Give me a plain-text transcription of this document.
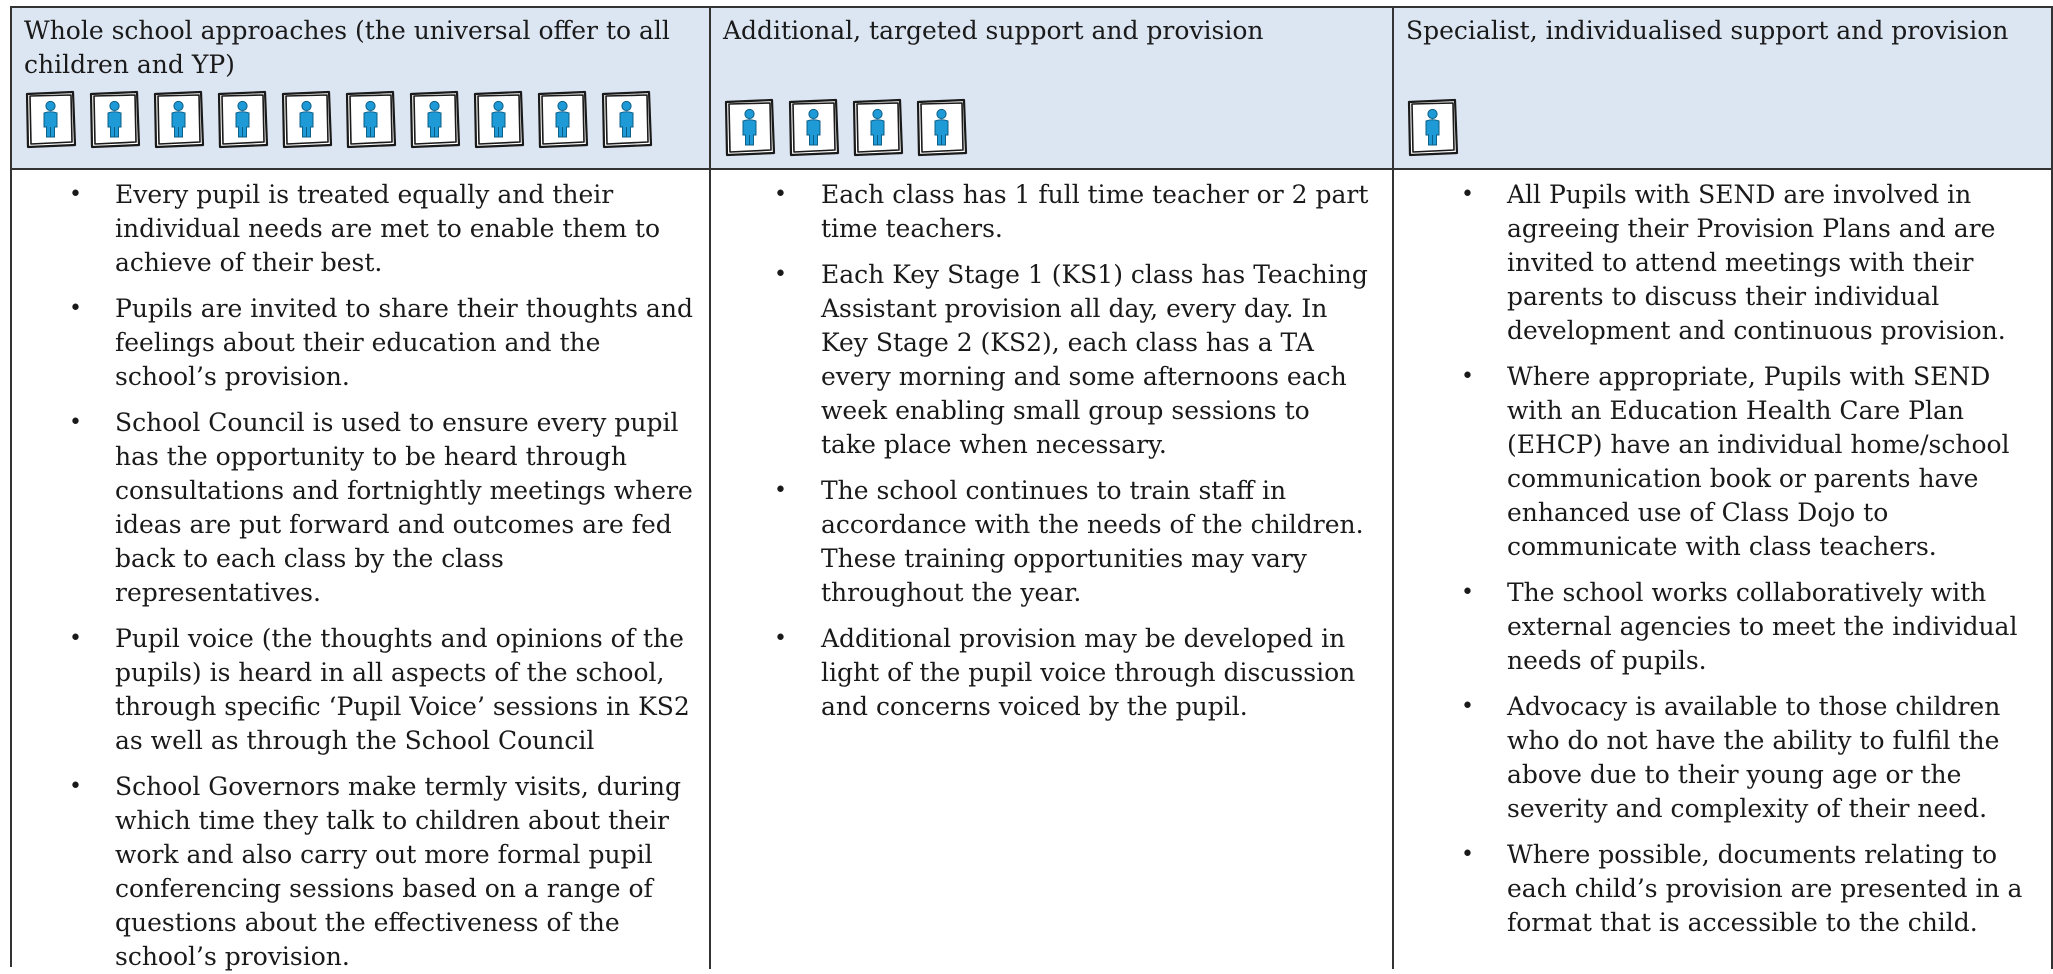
Whole school approaches (the universal offer to all children and YP)
Additional, targeted support and provision	Specialist, individualised support and provision
• Every pupil is treated equally and their individual needs are met to enable them to achieve of their best.
• Pupils are invited to share their thoughts and feelings about their education and the school’s provision.
• School Council is used to ensure every pupil has the opportunity to be heard through consultations and fortnightly meetings where ideas are put forward and outcomes are fed back to each class by the class representatives.
• Pupil voice (the thoughts and opinions of the pupils) is heard in all aspects of the school, through specific ‘Pupil Voice’ sessions in KS2 as well as through the School Council
• School Governors make termly visits, during which time they talk to children about their work and also carry out more formal pupil conferencing sessions based on a range of questions about the effectiveness of the school’s provision.
• Each class has 1 full time teacher or 2 part time teachers.
• Each Key Stage 1 (KS1) class has Teaching Assistant provision all day, every day. In Key Stage 2 (KS2), each class has a TA every morning and some afternoons each week enabling small group sessions to take place when necessary.
• The school continues to train staff in accordance with the needs of the children. These training opportunities may vary throughout the year.
• Additional provision may be developed in light of the pupil voice through discussion and concerns voiced by the pupil.
• All Pupils with SEND are involved in agreeing their Provision Plans and are invited to attend meetings with their parents to discuss their individual development and continuous provision.
• Where appropriate, Pupils with SEND with an Education Health Care Plan (EHCP) have an individual home/school communication book or parents have enhanced use of Class Dojo to communicate with class teachers.
• The school works collaboratively with external agencies to meet the individual needs of pupils.
• Advocacy is available to those children who do not have the ability to fulfil the above due to their young age or the severity and complexity of their need.
• Where possible, documents relating to each child’s provision are presented in a format that is accessible to the child.
